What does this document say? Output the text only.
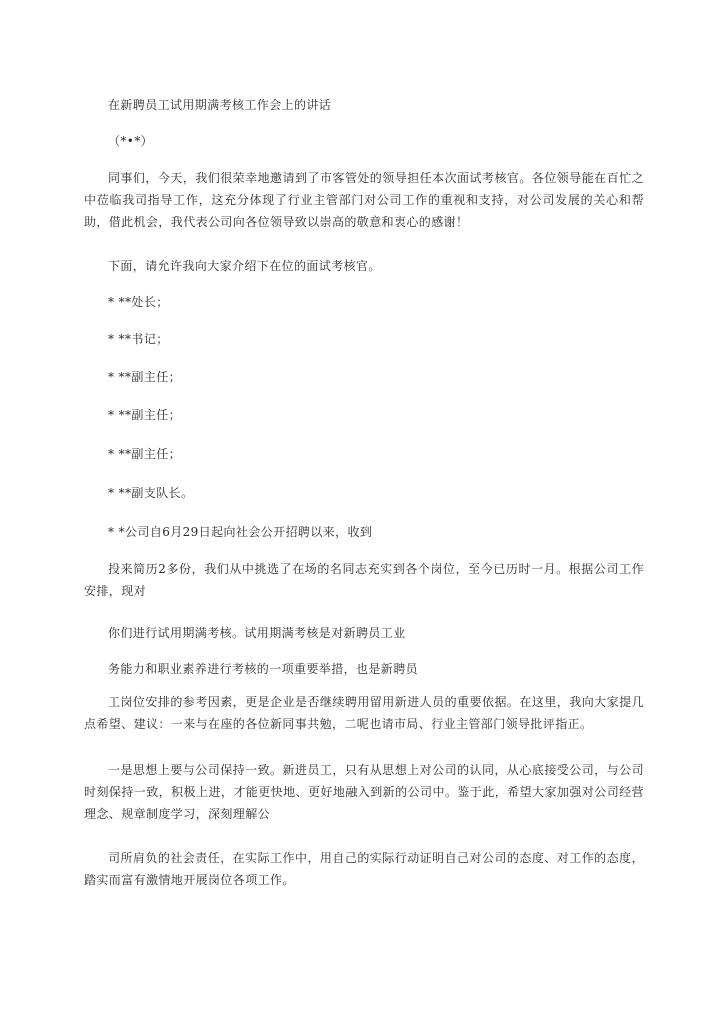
在新聘员工试用期满考核工作会上的讲话
（*•*）
同事们，今天，我们很荣幸地邀请到了市客管处的领导担任本次面试考核官。各位领导能在百忙之中莅临我司指导工作，这充分体现了行业主管部门对公司工作的重视和支持，对公司发展的关心和帮助，借此机会，我代表公司向各位领导致以崇高的敬意和衷心的感谢！
下面，请允许我向大家介绍下在位的面试考核官。
* **处长；
* **书记；
* **副主任；
* **副主任；
* **副主任；
* **副支队长。
* *公司自6月29日起向社会公开招聘以来，收到
投来简历2多份，我们从中挑选了在场的名同志充实到各个岗位，至今已历时一月。根据公司工作安排，现对
你们进行试用期满考核。试用期满考核是对新聘员工业
务能力和职业素养进行考核的一项重要举措，也是新聘员
工岗位安排的参考因素，更是企业是否继续聘用留用新进人员的重要依据。在这里，我向大家提几点希望、建议：一来与在座的各位新同事共勉，二呢也请市局、行业主管部门领导批评指正。
一是思想上要与公司保持一致。新进员工，只有从思想上对公司的认同，从心底接受公司，与公司时刻保持一致，积极上进，才能更快地、更好地融入到新的公司中。鉴于此，希望大家加强对公司经营理念、规章制度学习，深刻理解公
司所肩负的社会责任，在实际工作中，用自己的实际行动证明自己对公司的态度、对工作的态度，踏实而富有激情地开展岗位各项工作。
